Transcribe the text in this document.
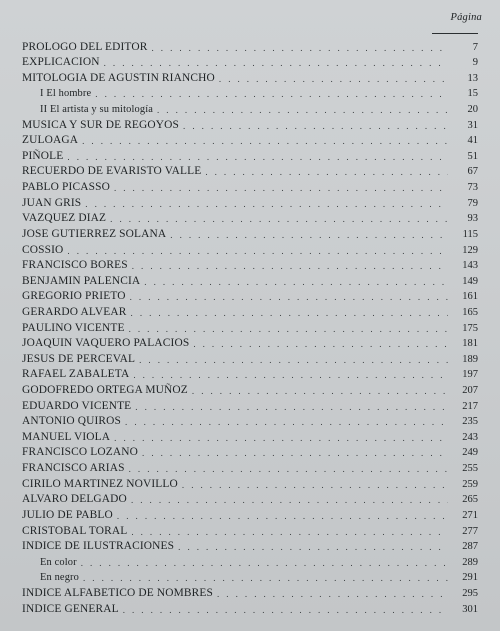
Página
PROLOGO DEL EDITOR . . .	7
EXPLICACION . . .	9
MITOLOGIA DE AGUSTIN RIANCHO . . .	13
I El hombre . . .	15
II El artista y su mitología . . .	20
MUSICA Y SUR DE REGOYOS . . .	31
ZULOAGA . . .	41
PIÑOLE . . .	51
RECUERDO DE EVARISTO VALLE . . .	67
PABLO PICASSO . . .	73
JUAN GRIS . . .	79
VAZQUEZ DIAZ . . .	93
JOSE GUTIERREZ SOLANA . . .	115
COSSIO . . .	129
FRANCISCO BORES . . .	143
BENJAMIN PALENCIA . . .	149
GREGORIO PRIETO . . .	161
GERARDO ALVEAR . . .	165
PAULINO VICENTE . . .	175
JOAQUIN VAQUERO PALACIOS . . .	181
JESUS DE PERCEVAL . . .	189
RAFAEL ZABALETA . . .	197
GODOFREDO ORTEGA MUÑOZ . . .	207
EDUARDO VICENTE . . .	217
ANTONIO QUIROS . . .	235
MANUEL VIOLA . . .	243
FRANCISCO LOZANO . . .	249
FRANCISCO ARIAS . . .	255
CIRILO MARTINEZ NOVILLO . . .	259
ALVARO DELGADO . . .	265
JULIO DE PABLO . . .	271
CRISTOBAL TORAL . . .	277
INDICE DE ILUSTRACIONES . . .	287
En color . . .	289
En negro . . .	291
INDICE ALFABETICO DE NOMBRES . . .	295
INDICE GENERAL . . .	301
